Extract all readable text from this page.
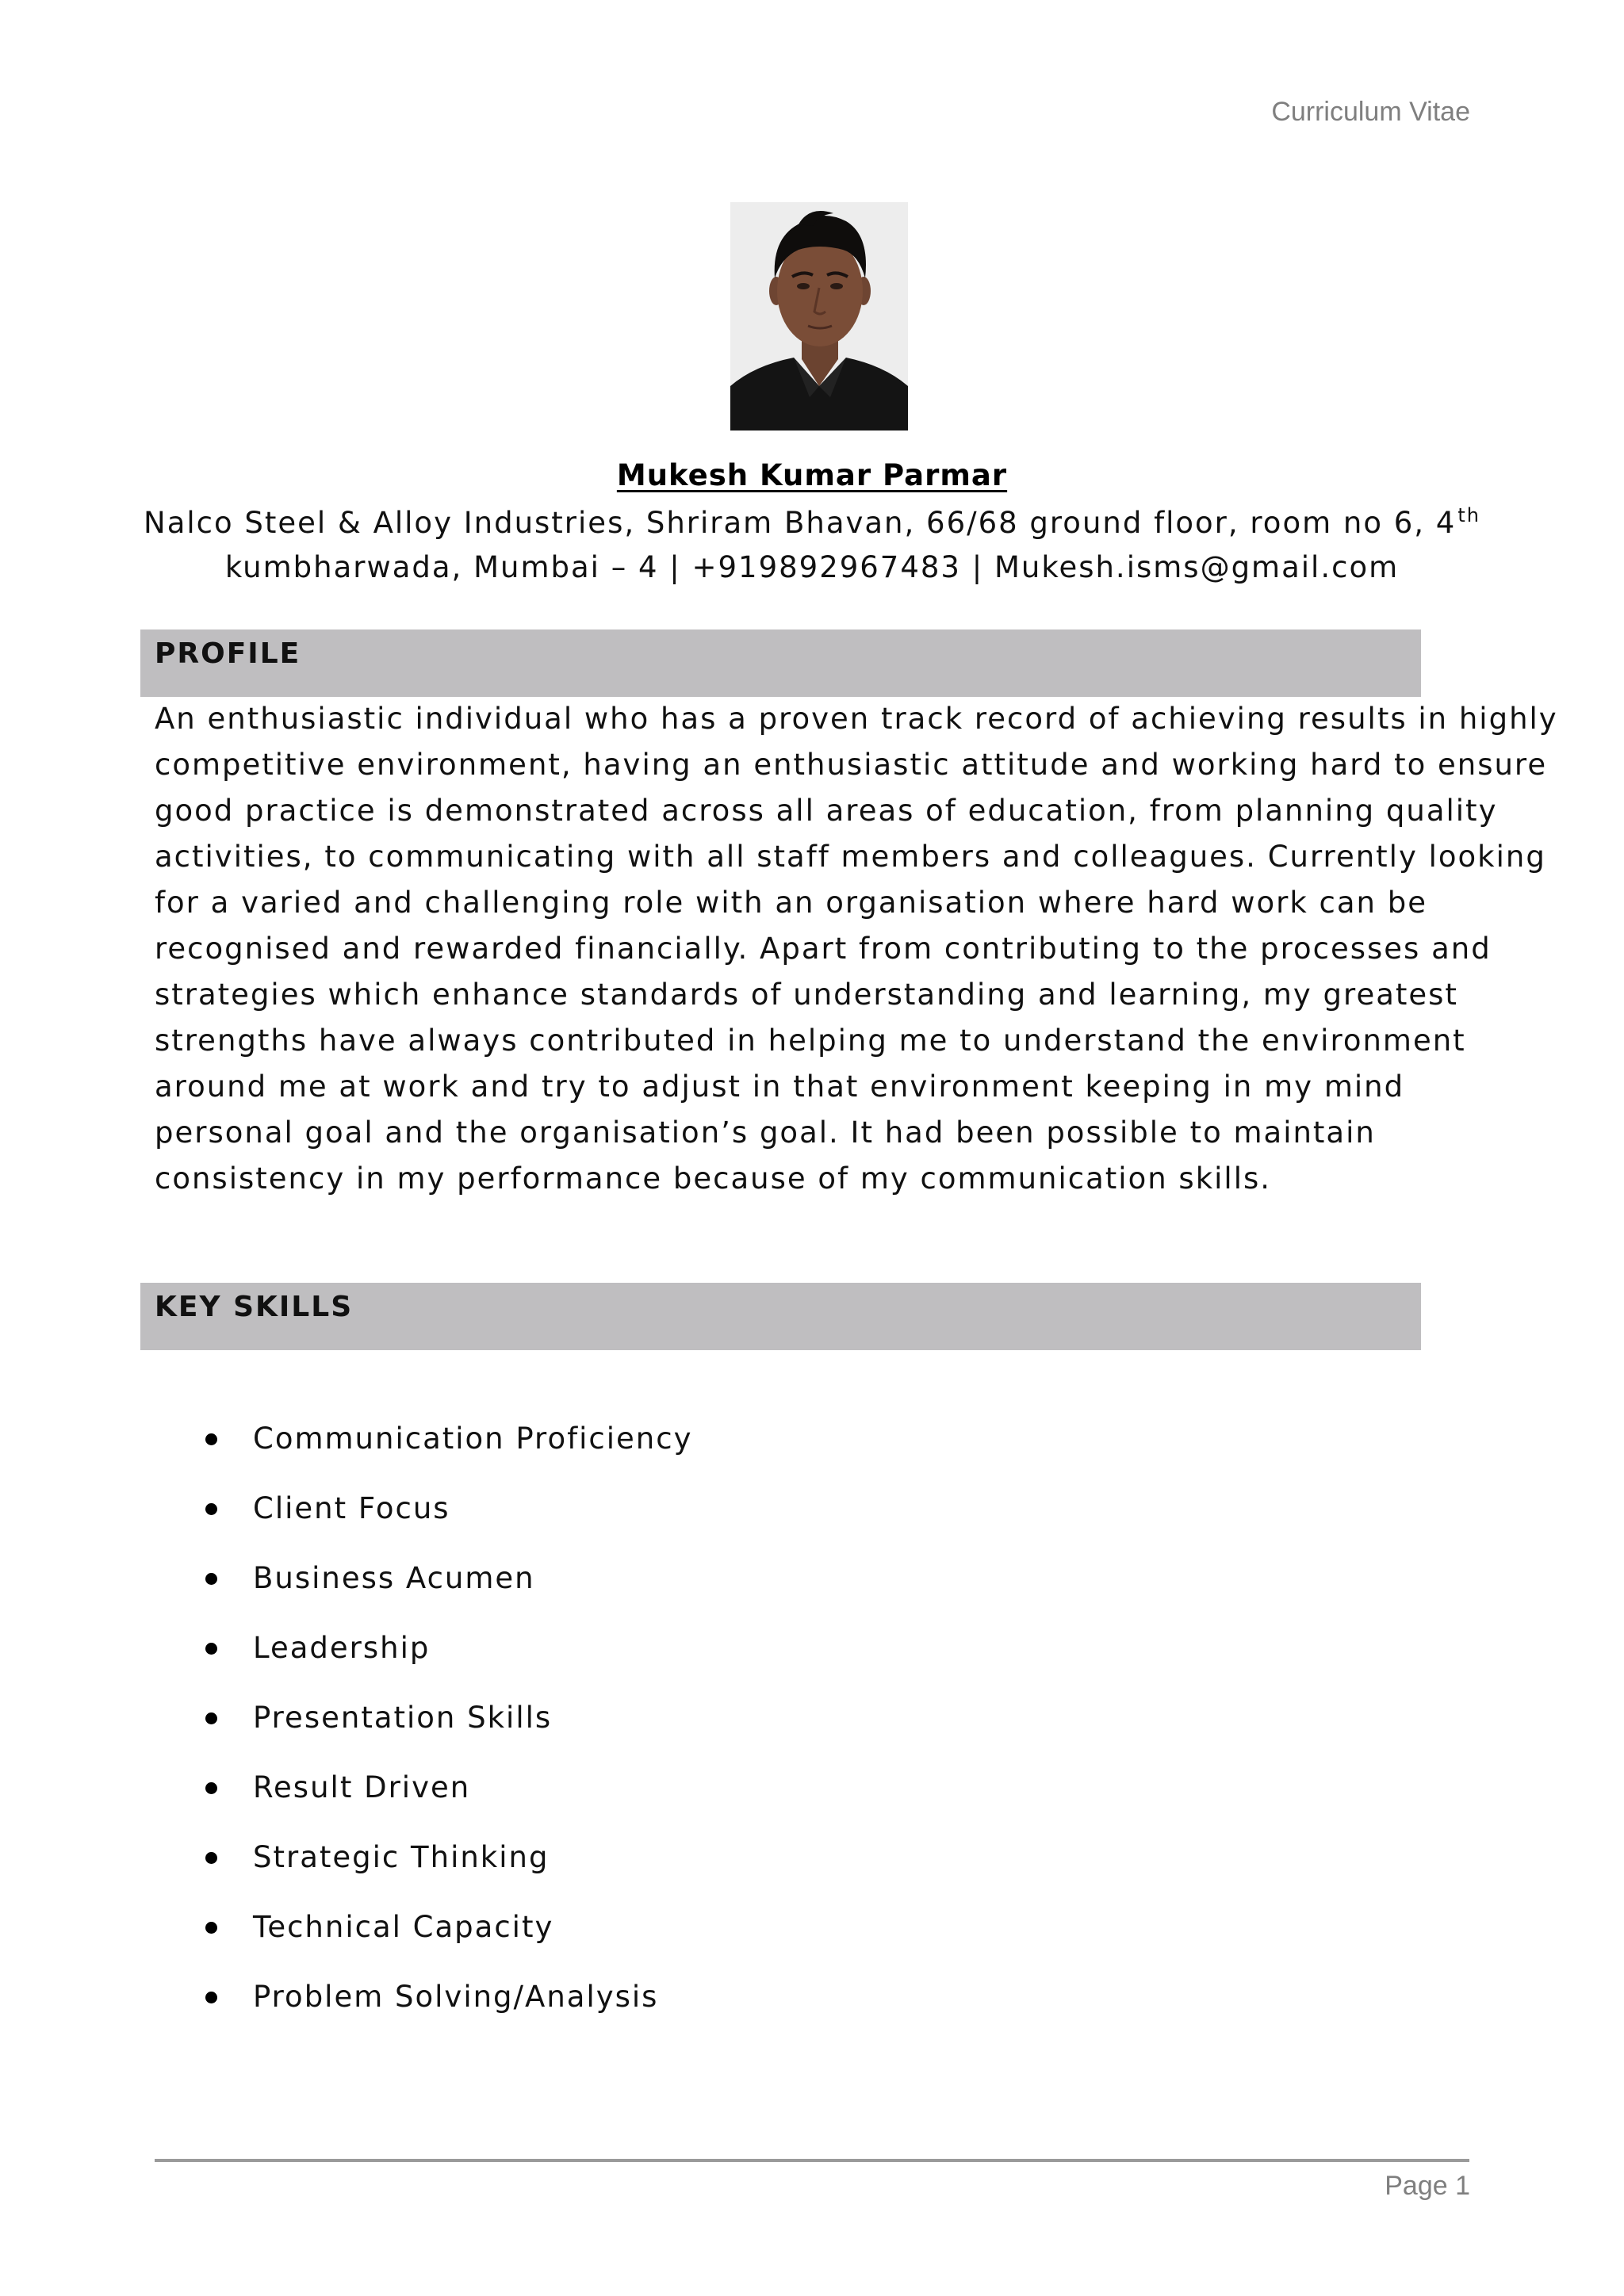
Curriculum Vitae
Mukesh Kumar Parmar
Nalco Steel & Alloy Industries, Shriram Bhavan, 66/68 ground floor, room no 6, 4th
kumbharwada, Mumbai – 4 | +919892967483 | Mukesh.isms@gmail.com
PROFILE
An enthusiastic individual who has a proven track record of achieving results in highly
competitive environment, having an enthusiastic attitude and working hard to ensure
good practice is demonstrated across all areas of education, from planning quality
activities, to communicating with all staff members and colleagues. Currently looking
for a varied and challenging role with an organisation where hard work can be
recognised and rewarded financially. Apart from contributing to the processes and
strategies which enhance standards of understanding and learning, my greatest
strengths have always contributed in helping me to understand the environment
around me at work and try to adjust in that environment keeping in my mind
personal goal and the organisation’s goal. It had been possible to maintain
consistency in my performance because of my communication skills.
KEY SKILLS
Communication Proficiency
Client Focus
Business Acumen
Leadership
Presentation Skills
Result Driven
Strategic Thinking
Technical Capacity
Problem Solving/Analysis
Page 1
